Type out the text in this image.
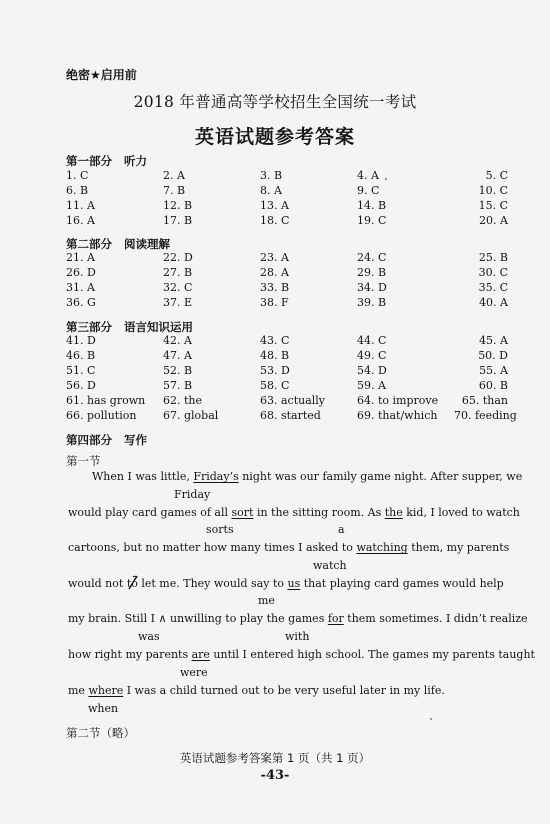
绝密★启用前
2018 年普通高等学校招生全国统一考试
英语试题参考答案
第一部分 听力
1. C	2. A	3. B	4. A	5. C
6. B	7. B	8. A	9. C	10. C
11. A	12. B	13. A	14. B	15. C
16. A	17. B	18. C	19. C	20. A
第二部分 阅读理解
21. A	22. D	23. A	24. C	25. B
26. D	27. B	28. A	29. B	30. C
31. A	32. C	33. B	34. D	35. C
36. G	37. E	38. F	39. B	40. A
第三部分 语言知识运用
41. D	42. A	43. C	44. C	45. A
46. B	47. A	48. B	49. C	50. D
51. C	52. B	53. D	54. D	55. A
56. D	57. B	58. C	59. A	60. B
61. has grown	62. the	63. actually	64. to improve	65. than
66. pollution	67. global	68. started	69. that/which	70. feeding
第四部分 写作
第一节
When I was little, Friday’s night was our family game night. After supper, we
Friday
would play card games of all sort in the sitting room. As the kid, I loved to watch
sorts	a
cartoons, but no matter how many times I asked to watching them, my parents
watch
would not to
let me. They would say to us that playing card games would help
me
my brain. Still I ∧ unwilling to play the games for them sometimes. I didn’t realize
was	with
how right my parents are until I entered high school. The games my parents taught
were
me where I was a child turned out to be very useful later in my life.
when
第二节（略）
英语试题参考答案第 1 页（共 1 页）
-43-
